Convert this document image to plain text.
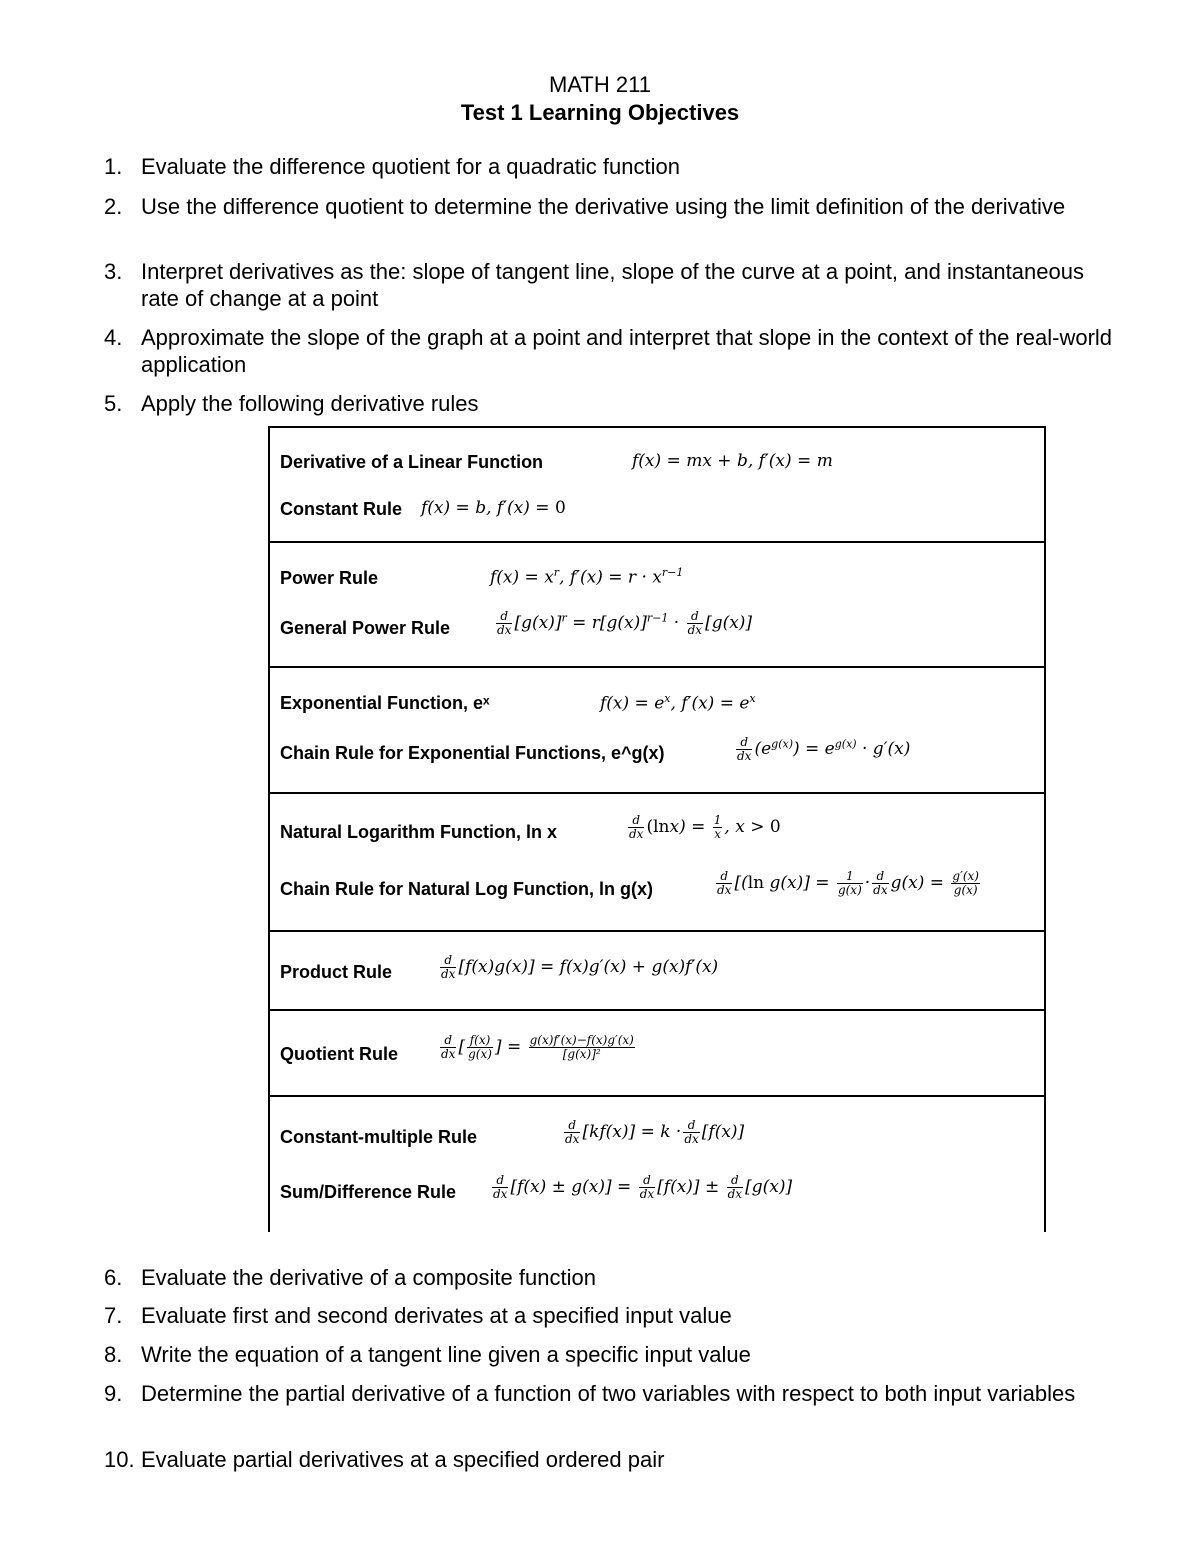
MATH 211
Test 1 Learning Objectives
1. Evaluate the difference quotient for a quadratic function
2. Use the difference quotient to determine the derivative using the limit definition of the derivative
3. Interpret derivatives as the: slope of tangent line, slope of the curve at a point, and instantaneous rate of change at a point
4. Approximate the slope of the graph at a point and interpret that slope in the context of the real-world application
5. Apply the following derivative rules
Derivative of a Linear Function	f(x) = mx + b, f′(x) = m
Constant Rule f(x) = b, f′(x) = 0
Power Rule	$f(x) = x^r$, $f'(x) = r \cdot x^{r-1}$
General Power Rule	$\frac{d}{dx} [g(x)]^r = r[g(x)]^{r-1} \cdot \frac{d}{dx} [g(x)]$
Exponential Function, eˣ	$f(x) = e^x$, $f'(x) = e^x$
Chain Rule for Exponential Functions, e^g(x)	$\frac{d}{dx} (e^{g(x)}) = e^{g(x)} \cdot g'(x)$
Natural Logarithm Function, ln x	$\frac{d}{dx} (\ln x) = \frac{1}{x}$ , x > 0
Chain Rule for Natural Log Function, ln g(x)	$\frac{d}{dx} [(\ln$ $g(x)] = \frac{1}{g(x)} \cdot \frac{d}{dx} g(x) = \frac{g'(x)}{g(x)}$
Product Rule	$\frac{d}{dx} [f(x)g(x)] = f(x)g'(x) + g(x)f'(x)$
Quotient Rule	$\frac{d}{dx}$ [ $\frac{f(x)}{g(x)}$ ] = $\frac{g(x)f'(x)-f(x)g'(x)}{\text{[g(x)]²}}$
Constant-multiple Rule	$\frac{d}{dx} [kf(x)] = k \cdot \frac{d}{dx} [f(x)]$
Sum/Difference Rule	$\frac{d}{dx} [f(x) \pm g(x)] = \frac{d}{dx} [f(x)] \pm \frac{d}{dx} [g(x)]$
6. Evaluate the derivative of a composite function
7. Evaluate first and second derivates at a specified input value
8. Write the equation of a tangent line given a specific input value
9. Determine the partial derivative of a function of two variables with respect to both input variables
10. Evaluate partial derivatives at a specified ordered pair
